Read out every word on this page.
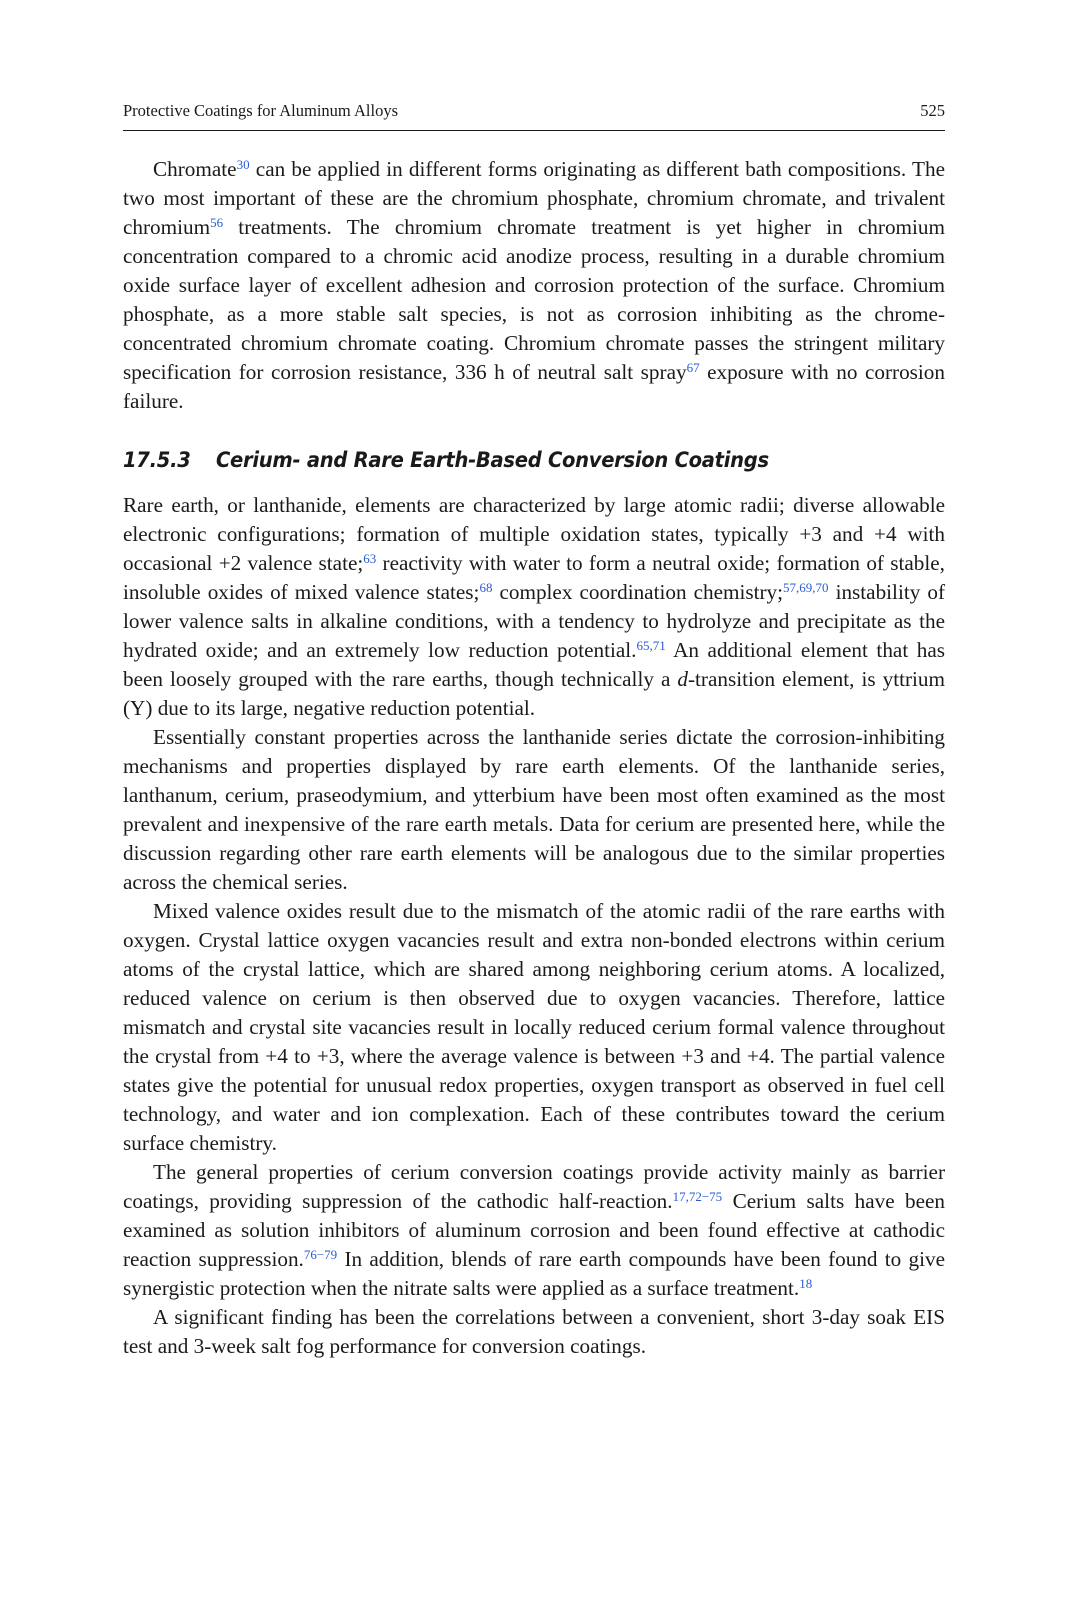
Protective Coatings for Aluminum Alloys	525

Chromate$^{30}$ can be applied in different forms originating as different bath compositions. The two most important of these are the chromium phosphate, chromium chromate, and trivalent chromium$^{56}$ treatments. The chromium chromate treatment is yet higher in chromium concentration compared to a chromic acid anodize process, resulting in a durable chromium oxide surface layer of excellent adhesion and corrosion protection of the surface. Chromium phosphate, as a more stable salt species, is not as corrosion inhibiting as the chrome-concentrated chromium chromate coating. Chromium chromate passes the stringent military specification for corrosion resistance, 336 h of neutral salt spray$^{67}$ exposure with no corrosion failure.

17.5.3 Cerium- and Rare Earth-Based Conversion Coatings

Rare earth, or lanthanide, elements are characterized by large atomic radii; diverse allowable electronic configurations; formation of multiple oxidation states, typically +3 and +4 with occasional +2 valence state;$^{63}$ reactivity with water to form a neutral oxide; formation of stable, insoluble oxides of mixed valence states;$^{68}$ complex coordination chemistry;$^{57,69,70}$ instability of lower valence salts in alkaline conditions, with a tendency to hydrolyze and precipitate as the hydrated oxide; and an extremely low reduction potential.$^{65,71}$ An additional element that has been loosely grouped with the rare earths, though technically a d-transition element, is yttrium (Y) due to its large, negative reduction potential.

Essentially constant properties across the lanthanide series dictate the corrosion-inhibiting mechanisms and properties displayed by rare earth elements. Of the lanthanide series, lanthanum, cerium, praseodymium, and ytterbium have been most often examined as the most prevalent and inexpensive of the rare earth metals. Data for cerium are presented here, while the discussion regarding other rare earth elements will be analogous due to the similar properties across the chemical series.

Mixed valence oxides result due to the mismatch of the atomic radii of the rare earths with oxygen. Crystal lattice oxygen vacancies result and extra non-bonded electrons within cerium atoms of the crystal lattice, which are shared among neighboring cerium atoms. A localized, reduced valence on cerium is then observed due to oxygen vacancies. Therefore, lattice mismatch and crystal site vacancies result in locally reduced cerium formal valence throughout the crystal from +4 to +3, where the average valence is between +3 and +4. The partial valence states give the potential for unusual redox properties, oxygen transport as observed in fuel cell technology, and water and ion complexation. Each of these contributes toward the cerium surface chemistry.

The general properties of cerium conversion coatings provide activity mainly as barrier coatings, providing suppression of the cathodic half-reaction.$^{17,72-75}$ Cerium salts have been examined as solution inhibitors of aluminum corrosion and been found effective at cathodic reaction suppression.$^{76-79}$ In addition, blends of rare earth compounds have been found to give synergistic protection when the nitrate salts were applied as a surface treatment.$^{18}$

A significant finding has been the correlations between a convenient, short 3-day soak EIS test and 3-week salt fog performance for conversion coatings.
